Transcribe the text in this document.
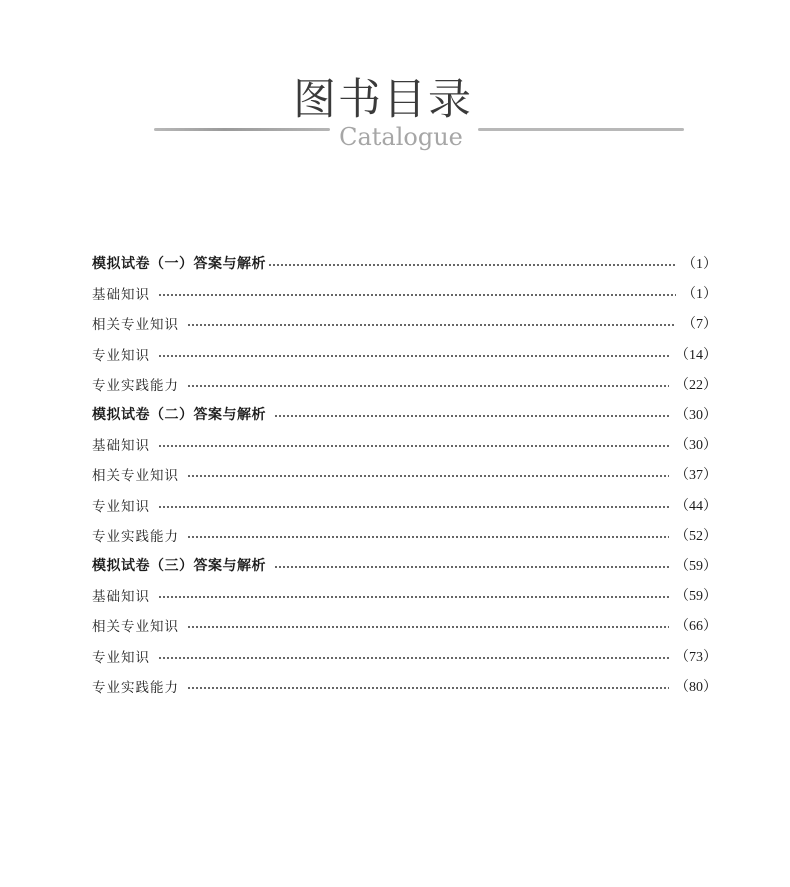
图书目录
Catalogue
模拟试卷（一）答案与解析	（1）
基础知识	（1）
相关专业知识	（7）
专业知识	（14）
专业实践能力	（22）
模拟试卷（二）答案与解析	（30）
基础知识	（30）
相关专业知识	（37）
专业知识	（44）
专业实践能力	（52）
模拟试卷（三）答案与解析	（59）
基础知识	（59）
相关专业知识	（66）
专业知识	（73）
专业实践能力	（80）
